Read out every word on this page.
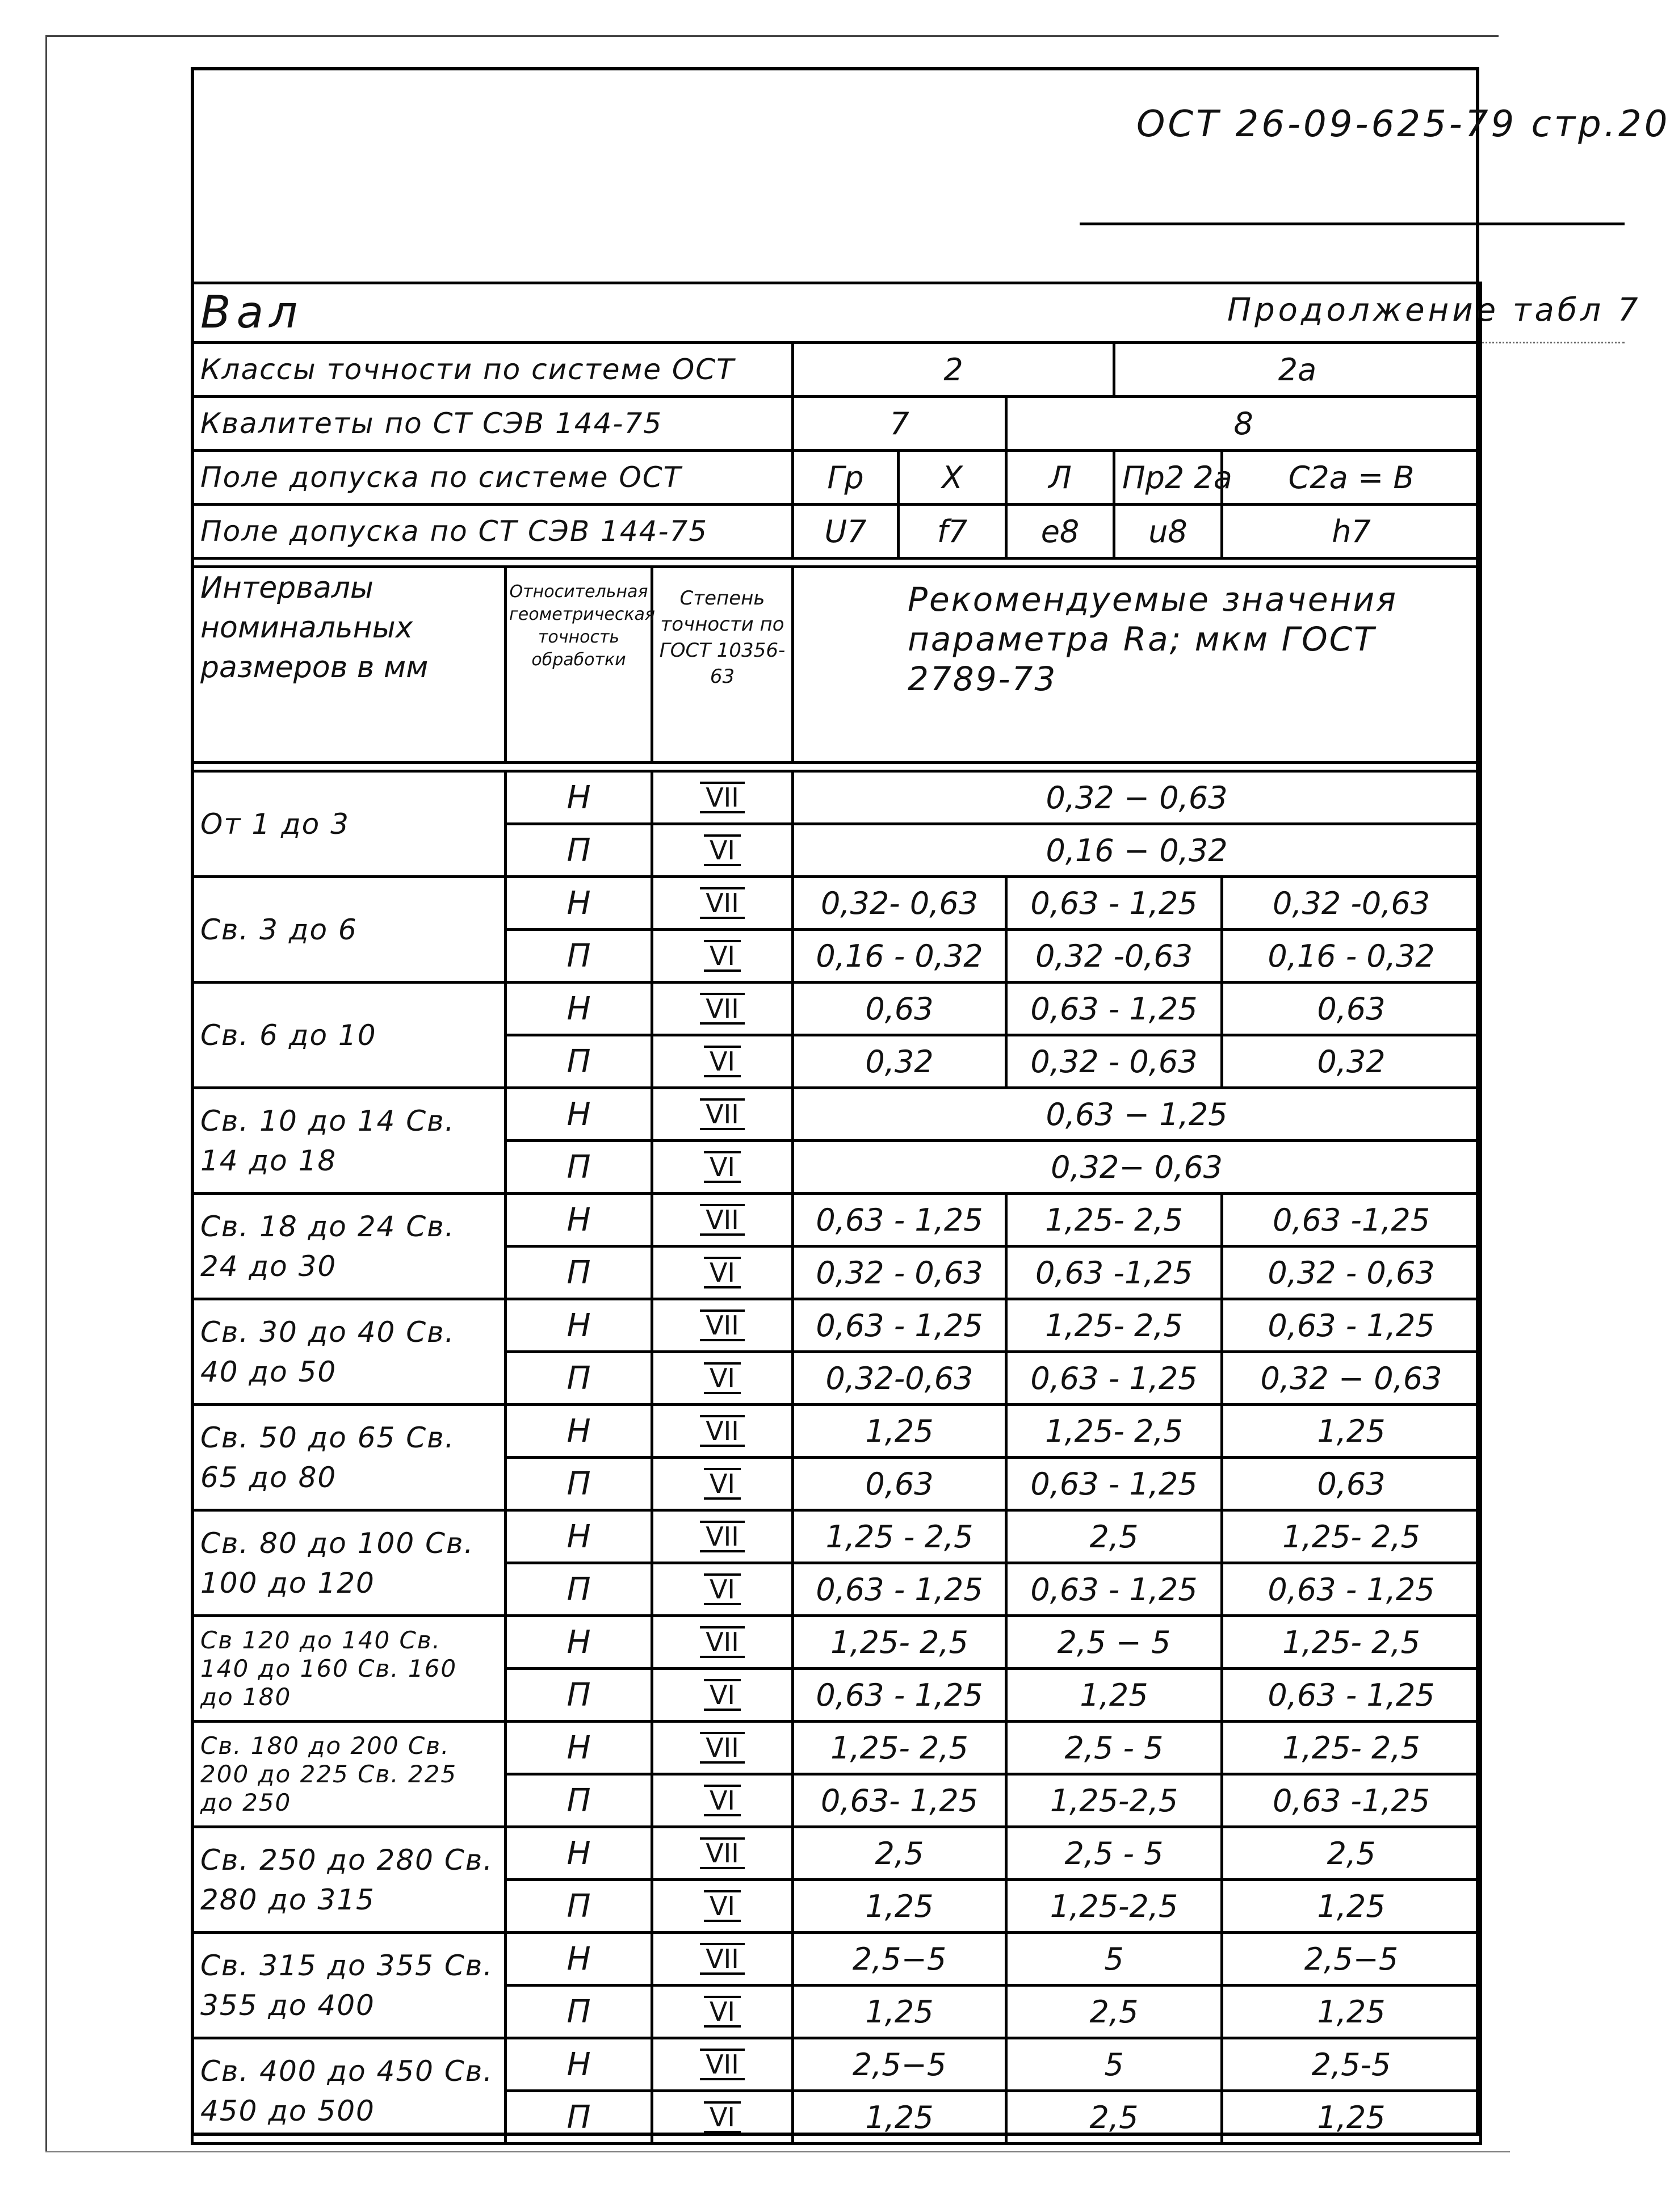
ОСТ 26-09-625-79 стр.20
Продолжение табл 7
Вал							
Классы точности по системе ОСТ			2			2а	
Квалитеты по СТ СЭВ 144-75			7		8		
Поле допуска по системе ОСТ			Гр	Х	Л	Пр2 2а	С2а = В
Поле допуска по СТ СЭВ 144-75			U7	f7	e8	u8	h7

Интервалы номинальных размеров в мм	Относительная геометрическая точность обработки	Степень точности по ГОСТ 10356-63	Рекомендуемые значения параметра Ra; мкм ГОСТ 2789-73				

От 1 до 3	Н	VII	0,32 − 0,63				
	П	VI	0,16 − 0,32				
Св. 3 до 6	Н	VII	0,32- 0,63		0,63 - 1,25		0,32 -0,63
	П	VI	0,16 - 0,32		0,32 -0,63		0,16 - 0,32
Св. 6 до 10	Н	VII	0,63		0,63 - 1,25		0,63
	П	VI	0,32		0,32 - 0,63		0,32
Св. 10 до 14 Св. 14 до 18	Н	VII	0,63 − 1,25				
	П	VI	0,32− 0,63				
Св. 18 до 24 Св. 24 до 30	Н	VII	0,63 - 1,25		1,25- 2,5		0,63 -1,25
	П	VI	0,32 - 0,63		0,63 -1,25		0,32 - 0,63
Св. 30 до 40 Св. 40 до 50	Н	VII	0,63 - 1,25		1,25- 2,5		0,63 - 1,25
	П	VI	0,32-0,63		0,63 - 1,25		0,32 − 0,63
Св. 50 до 65 Св. 65 до 80	Н	VII	1,25		1,25- 2,5		1,25
	П	VI	0,63		0,63 - 1,25		0,63
Св. 80 до 100 Св. 100 до 120	Н	VII	1,25 - 2,5		2,5		1,25- 2,5
	П	VI	0,63 - 1,25		0,63 - 1,25		0,63 - 1,25
Св 120 до 140 Св. 140 до 160 Св. 160 до 180	Н	VII	1,25- 2,5		2,5 − 5		1,25- 2,5
	П	VI	0,63 - 1,25		1,25		0,63 - 1,25
Св. 180 до 200 Св. 200 до 225 Св. 225 до 250	Н	VII	1,25- 2,5		2,5 - 5		1,25- 2,5
	П	VI	0,63- 1,25		1,25-2,5		0,63 -1,25
Св. 250 до 280 Св. 280 до 315	Н	VII	2,5		2,5 - 5		2,5
	П	VI	1,25		1,25-2,5		1,25
Св. 315 до 355 Св. 355 до 400	Н	VII	2,5−5		5		2,5−5
	П	VI	1,25		2,5		1,25
Св. 400 до 450 Св. 450 до 500	Н	VII	2,5−5		5		2,5-5
	П	VI	1,25		2,5		1,25
